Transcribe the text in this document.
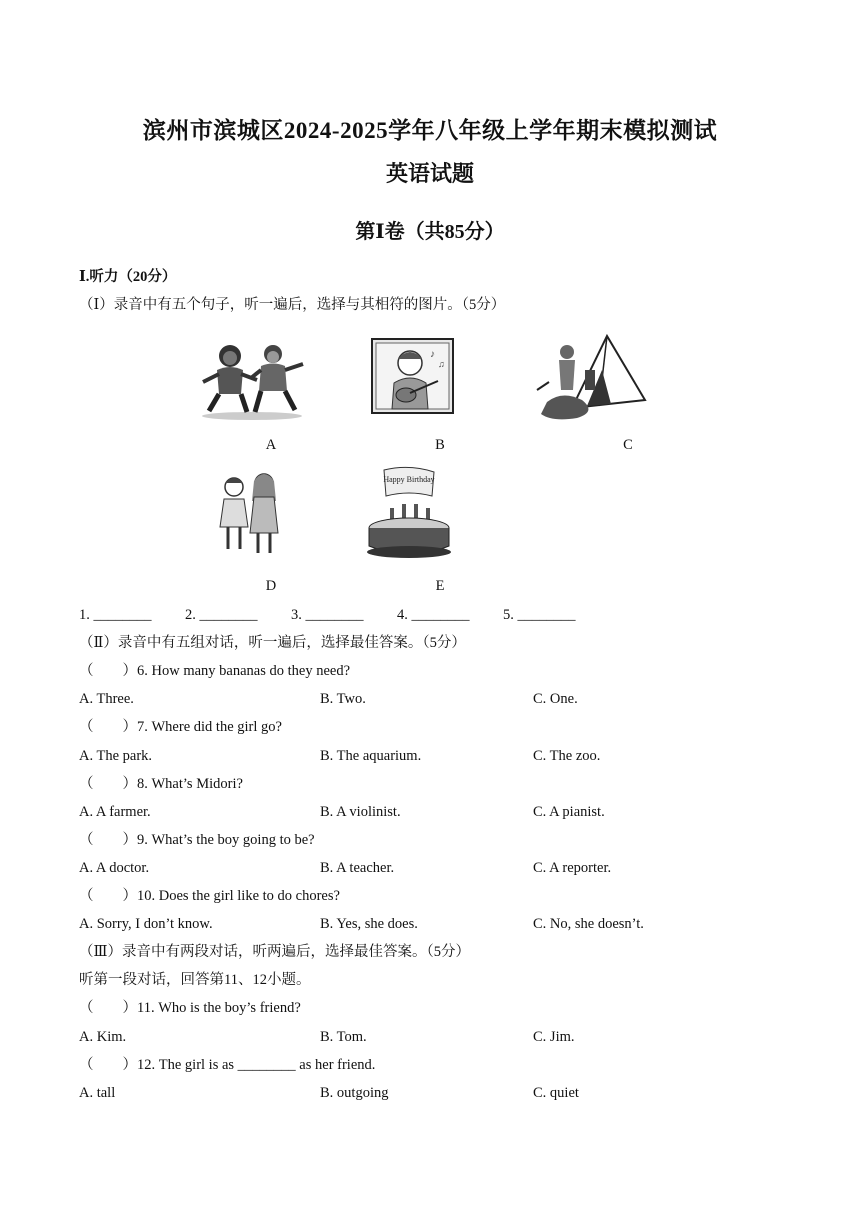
滨州市滨城区2024-2025学年八年级上学年期末模拟测试
英语试题
第Ⅰ卷（共85分）
Ⅰ.听力（20分）
（Ⅰ）录音中有五个句子，听一遍后，选择与其相符的图片。（5分）
A
♪
♫
B	C
D
Happy Birthday
E
1. ________ 2. ________ 3. ________ 4. ________ 5. ________
（Ⅱ）录音中有五组对话，听一遍后，选择最佳答案。（5分）
（　　）6. How many bananas do they need?
A. Three.	B. Two.	C. One.
（　　）7. Where did the girl go?
A. The park.	B. The aquarium.	C. The zoo.
（　　）8. What’s Midori?
A. A farmer.	B. A violinist.	C. A pianist.
（　　）9. What’s the boy going to be?
A. A doctor.	B. A teacher.	C. A reporter.
（　　）10. Does the girl like to do chores?
A. Sorry, I don’t know.	B. Yes, she does.	C. No, she doesn’t.
（Ⅲ）录音中有两段对话，听两遍后，选择最佳答案。（5分）
听第一段对话，回答第11、12小题。
（　　）11. Who is the boy’s friend?
A. Kim.	B. Tom.	C. Jim.
（　　）12. The girl is as ________ as her friend.
A. tall	B. outgoing	C. quiet
